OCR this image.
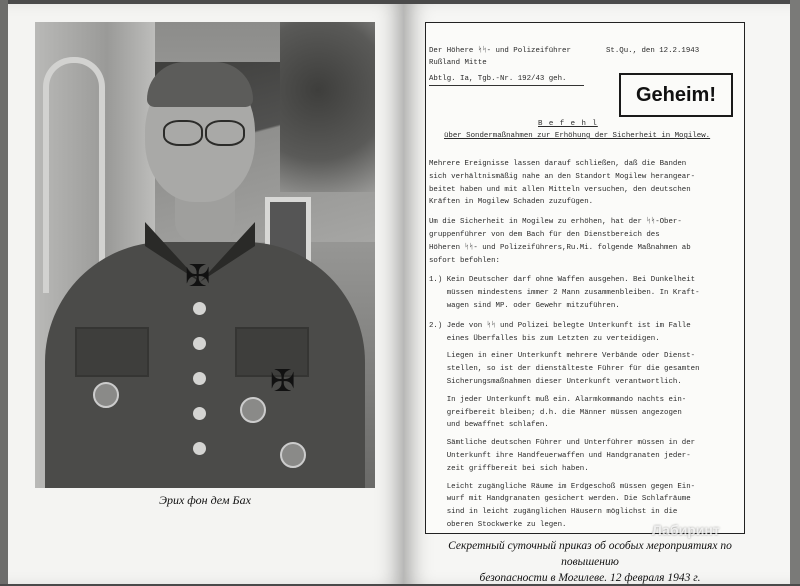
✠
✠
Эрих фон дем Бах
Der Höhere ᛋᛋ- und Polizeiführer
Rußland Mitte
St.Qu., den 12.2.1943
Abtlg. Ia, Tgb.-Nr. 192/43 geh.
Geheim!
B e f e h l
über Sondermaßnahmen zur Erhöhung der Sicherheit in Mogilew.
Mehrere Ereignisse lassen darauf schließen, daß die Banden
sich verhältnismäßig nahe an den Standort Mogilew herangear-
beitet haben und mit allen Mitteln versuchen, den deutschen
Kräften in Mogilew Schaden zuzufügen.
Um die Sicherheit in Mogilew zu erhöhen, hat der ᛋᛋ-Ober-
gruppenführer von dem Bach für den Dienstbereich des
Höheren ᛋᛋ- und Polizeiführers,Ru.Mi. folgende Maßnahmen ab
sofort befohlen:
1.) Kein Deutscher darf ohne Waffen ausgehen. Bei Dunkelheit
müssen mindestens immer 2 Mann zusammenbleiben. In Kraft-
wagen sind MP. oder Gewehr mitzuführen.
2.) Jede von ᛋᛋ und Polizei belegte Unterkunft ist im Falle
eines Überfalles bis zum Letzten zu verteidigen.
Liegen in einer Unterkunft mehrere Verbände oder Dienst-
stellen, so ist der dienstälteste Führer für die gesamten
Sicherungsmaßnahmen dieser Unterkunft verantwortlich.
In jeder Unterkunft muß ein. Alarmkommando nachts ein-
greifbereit bleiben; d.h. die Männer müssen angezogen
und bewaffnet schlafen.
Sämtliche deutschen Führer und Unterführer müssen in der
Unterkunft ihre Handfeuerwaffen und Handgranaten jeder-
zeit griffbereit bei sich haben.
Leicht zugängliche Räume im Erdgeschoß müssen gegen Ein-
wurf mit Handgranaten gesichert werden. Die Schlafräume
sind in leicht zugänglichen Häusern möglichst in die
oberen Stockwerke zu legen.
Секретный суточный приказ об особых мероприятиях по повышению
безопасности в Могилеве. 12 февраля 1943 г.
Лабиринт
